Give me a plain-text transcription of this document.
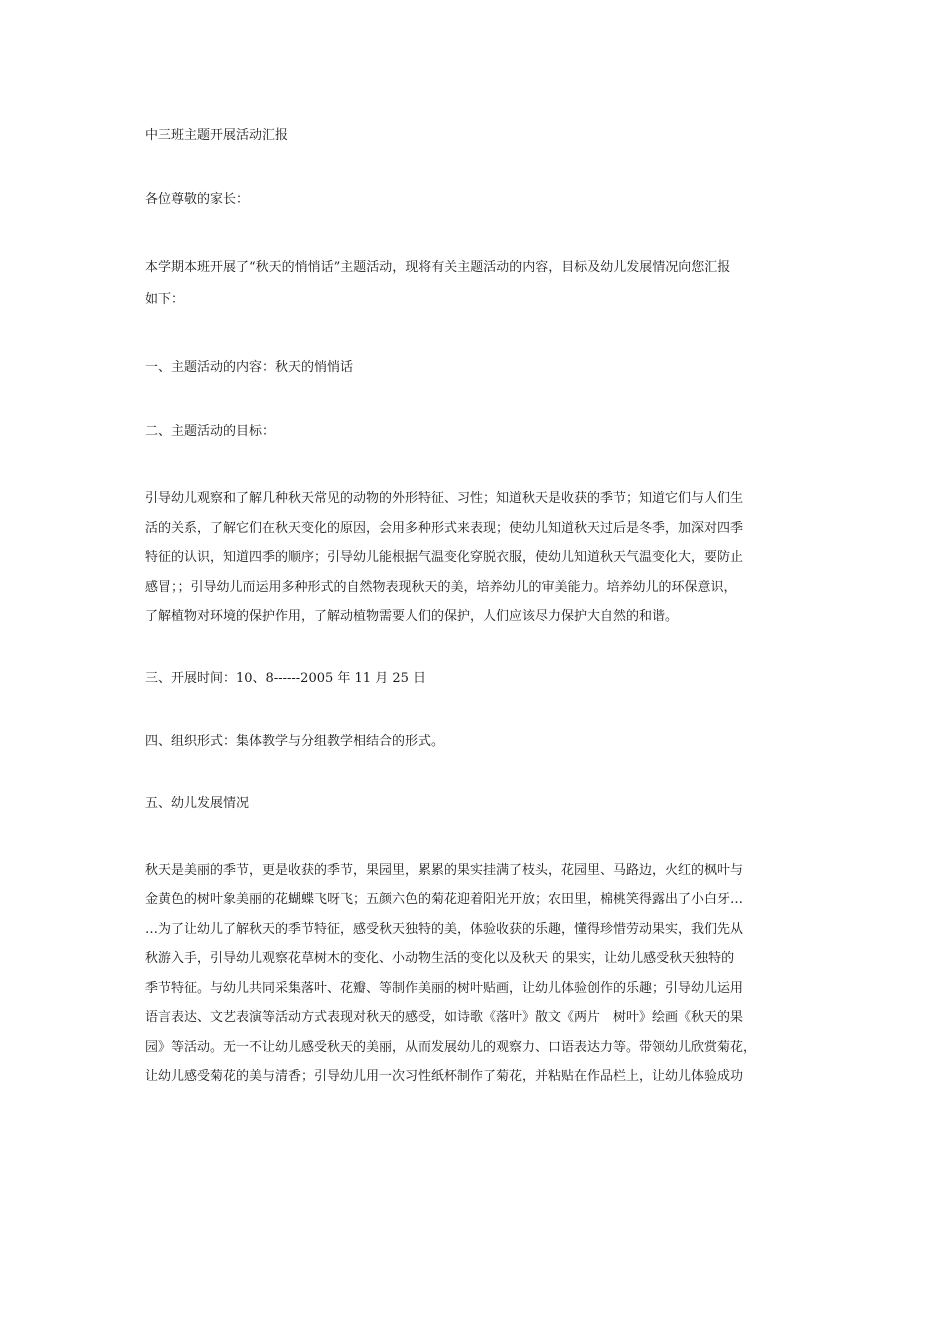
中三班主题开展活动汇报

各位尊敬的家长：

本学期本班开展了“秋天的悄悄话”主题活动，现将有关主题活动的内容，目标及幼儿发展情况向您汇报

如下：

一、主题活动的内容：秋天的悄悄话

二、主题活动的目标：

引导幼儿观察和了解几种秋天常见的动物的外形特征、习性；知道秋天是收获的季节；知道它们与人们生

活的关系，了解它们在秋天变化的原因，会用多种形式来表现；使幼儿知道秋天过后是冬季，加深对四季

特征的认识，知道四季的顺序；引导幼儿能根据气温变化穿脱衣服，使幼儿知道秋天气温变化大，要防止

感冒；；引导幼儿而运用多种形式的自然物表现秋天的美，培养幼儿的审美能力。培养幼儿的环保意识，

了解植物对环境的保护作用，了解动植物需要人们的保护，人们应该尽力保护大自然的和谐。

三、开展时间：10、8------2005 年 11 月 25 日

四、组织形式：集体教学与分组教学相结合的形式。

五、幼儿发展情况

秋天是美丽的季节，更是收获的季节，果园里，累累的果实挂满了枝头，花园里、马路边，火红的枫叶与

金黄色的树叶象美丽的花蝴蝶飞呀飞；五颜六色的菊花迎着阳光开放；农田里，棉桃笑得露出了小白牙…

…为了让幼儿了解秋天的季节特征，感受秋天独特的美，体验收获的乐趣，懂得珍惜劳动果实，我们先从

秋游入手，引导幼儿观察花草树木的变化、小动物生活的变化以及秋天 的果实，让幼儿感受秋天独特的

季节特征。与幼儿共同采集落叶、花瓣、等制作美丽的树叶贴画，让幼儿体验创作的乐趣；引导幼儿运用

语言表达、文艺表演等活动方式表现对秋天的感受，如诗歌《落叶》散文《两片　树叶》绘画《秋天的果

园》等活动。无一不让幼儿感受秋天的美丽，从而发展幼儿的观察力、口语表达力等。带领幼儿欣赏菊花，

让幼儿感受菊花的美与清香；引导幼儿用一次习性纸杯制作了菊花，并粘贴在作品栏上，让幼儿体验成功
